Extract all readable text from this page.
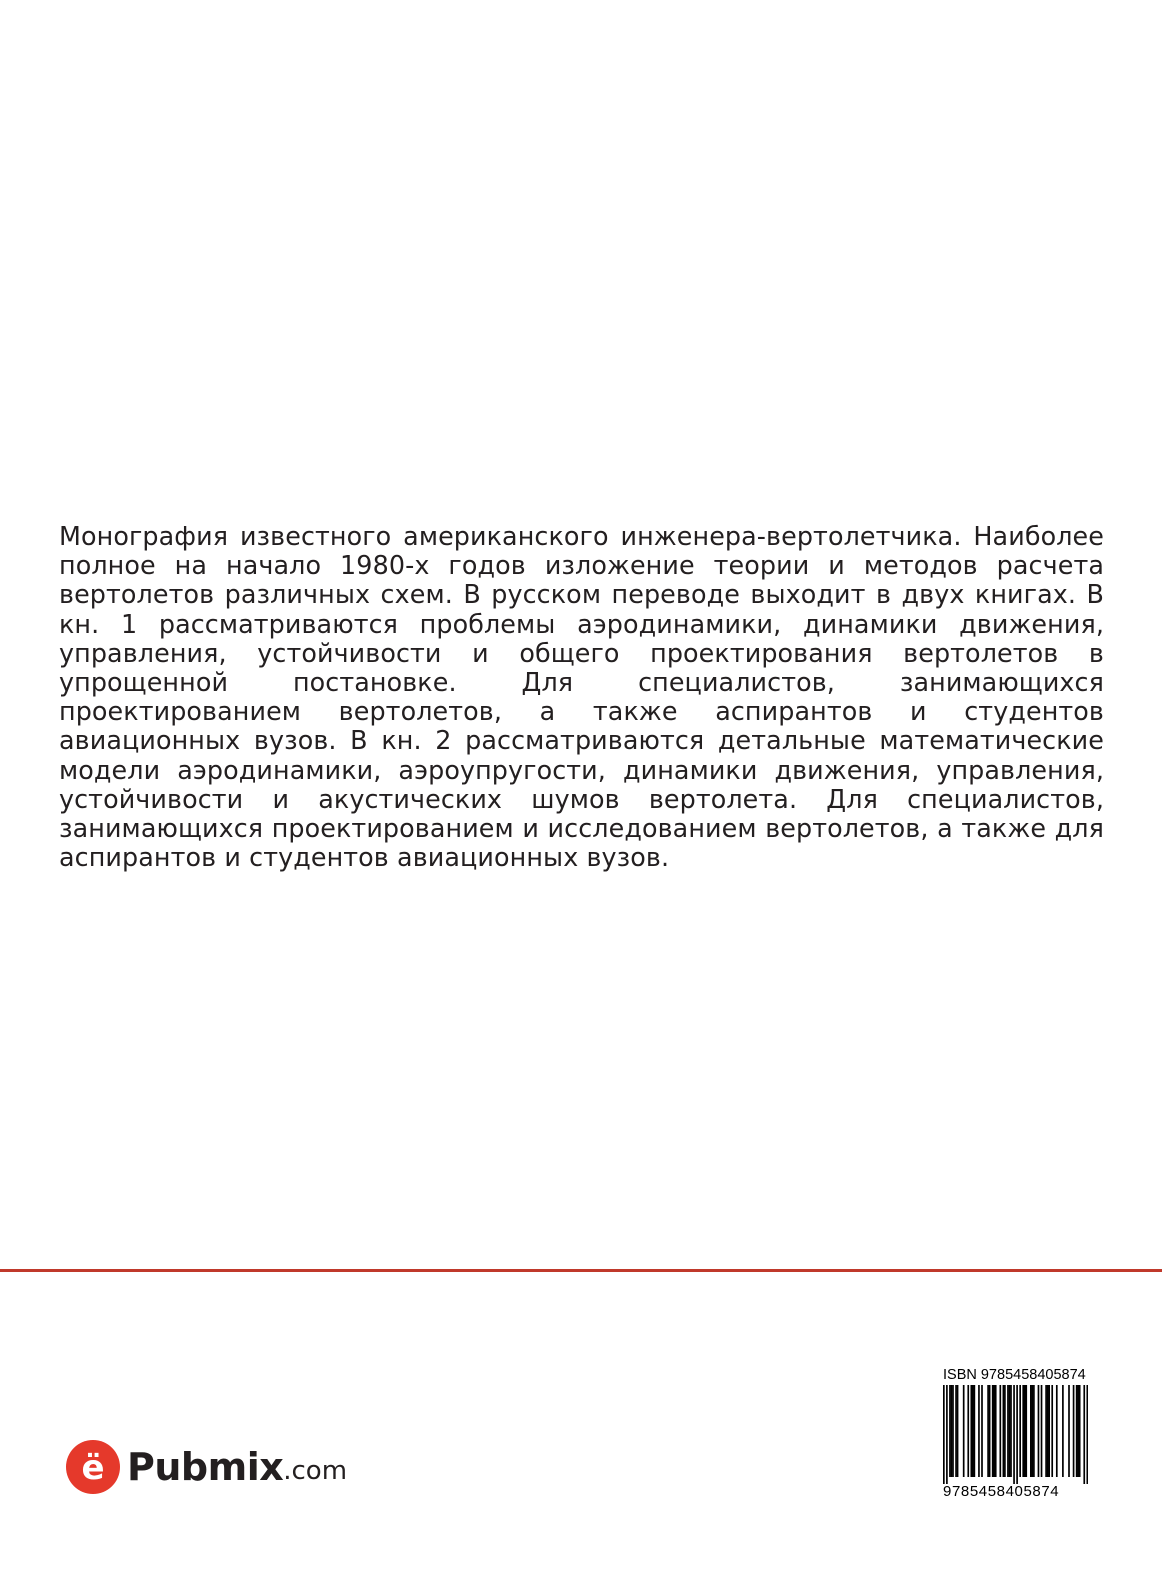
Монография известного американского инженера-вертолетчика. Наиболее полное на начало 1980-х годов изложение теории и методов расчета вертолетов различных схем. В русском переводе выходит в двух книгах. В кн. 1 рассматриваются проблемы аэродинамики, динамики движения, управления, устойчивости и общего проектирования вертолетов в упрощенной постановке. Для специалистов, занимающихся проектированием вертолетов, а также аспирантов и студентов авиационных вузов. В кн. 2 рассматриваются детальные математические модели аэродинамики, аэроупругости, динамики движения, управления, устойчивости и акустических шумов вертолета. Для специалистов, занимающихся проектированием и исследованием вертолетов, а также для аспирантов и студентов авиационных вузов.

ё Pubmix .com
ISBN 9785458405874
9785458405874
